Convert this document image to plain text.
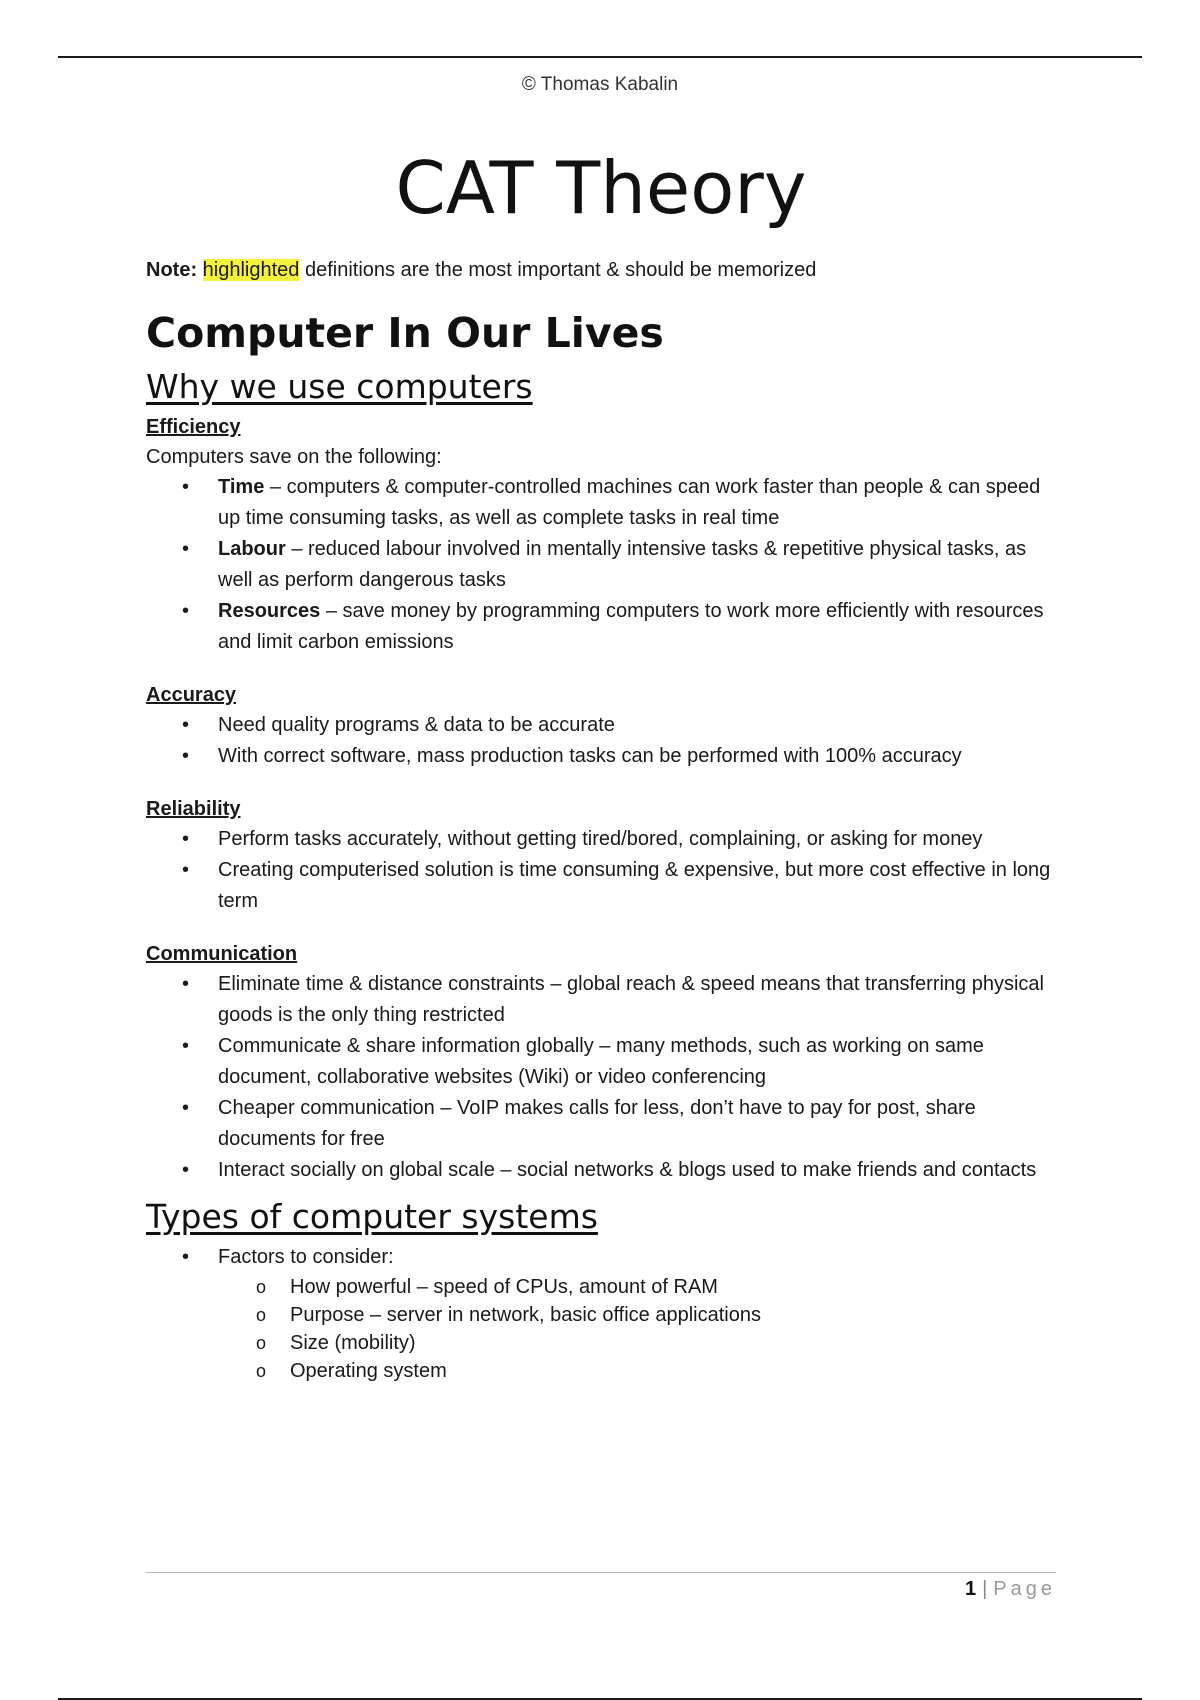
© Thomas Kabalin
CAT Theory

Note: highlighted definitions are the most important & should be memorized

Computer In Our Lives
Why we use computers
Efficiency

Computers save on the following:

• Time – computers & computer-controlled machines can work faster than people & can speed up time consuming tasks, as well as complete tasks in real time
• Labour – reduced labour involved in mentally intensive tasks & repetitive physical tasks, as well as perform dangerous tasks
• Resources – save money by programming computers to work more efficiently with resources and limit carbon emissions
Accuracy
• Need quality programs & data to be accurate
• With correct software, mass production tasks can be performed with 100% accuracy
Reliability
• Perform tasks accurately, without getting tired/bored, complaining, or asking for money
• Creating computerised solution is time consuming & expensive, but more cost effective in long term
Communication
• Eliminate time & distance constraints – global reach & speed means that transferring physical goods is the only thing restricted
• Communicate & share information globally – many methods, such as working on same document, collaborative websites (Wiki) or video conferencing
• Cheaper communication – VoIP makes calls for less, don’t have to pay for post, share documents for free
• Interact socially on global scale – social networks & blogs used to make friends and contacts
Types of computer systems
• Factors to consider:
o How powerful – speed of CPUs, amount of RAM
o Purpose – server in network, basic office applications
o Size (mobility)
o Operating system
1 | Page
